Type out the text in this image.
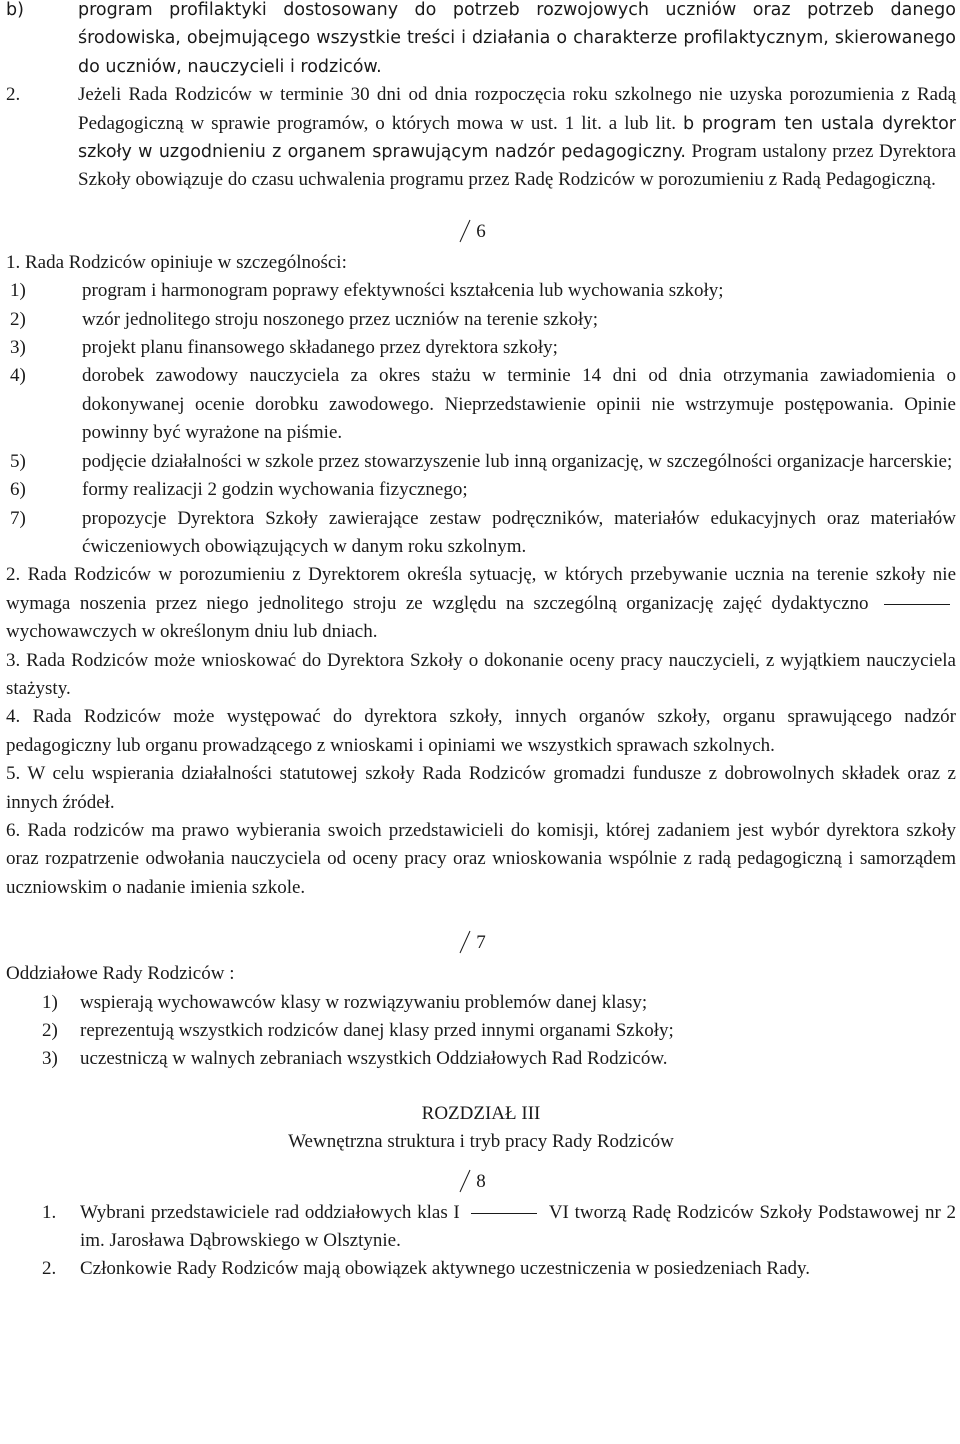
b)	program profilaktyki dostosowany do potrzeb rozwojowych uczniów oraz potrzeb danego środowiska, obejmującego wszystkie treści i działania o charakterze profilaktycznym, skierowanego do uczniów, nauczycieli i rodziców.
2.	Jeżeli Rada Rodziców w terminie 30 dni od dnia rozpoczęcia roku szkolnego nie uzyska porozumienia z Radą Pedagogiczną w sprawie programów, o których mowa w ust. 1 lit. a lub lit. b program ten ustala dyrektor szkoły w uzgodnieniu z organem sprawującym nadzór pedagogiczny. Program ustalony przez Dyrektora Szkoły obowiązuje do czasu uchwalenia programu przez Radę Rodziców w porozumieniu z Radą Pedagogiczną.
6
1. Rada Rodziców opiniuje w szczególności:
1)	program i harmonogram poprawy efektywności kształcenia lub wychowania szkoły;
2)	wzór jednolitego stroju noszonego przez uczniów na terenie szkoły;
3)	projekt planu finansowego składanego przez dyrektora szkoły;
4)	dorobek zawodowy nauczyciela za okres stażu w terminie 14 dni od dnia otrzymania zawiadomienia o dokonywanej ocenie dorobku zawodowego. Nieprzedstawienie opinii nie wstrzymuje postępowania. Opinie powinny być wyrażone na piśmie.
5)	podjęcie działalności w szkole przez stowarzyszenie lub inną organizację, w szczególności organizacje harcerskie;
6)	formy realizacji 2 godzin wychowania fizycznego;
7)	propozycje Dyrektora Szkoły zawierające zestaw podręczników, materiałów edukacyjnych oraz materiałów ćwiczeniowych obowiązujących w danym roku szkolnym.
2. Rada Rodziców w porozumieniu z Dyrektorem określa sytuację, w których przebywanie ucznia na terenie szkoły nie wymaga noszenia przez niego jednolitego stroju ze względu na szczególną organizację zajęć dydaktyczno  wychowawczych w określonym dniu lub dniach.
3. Rada Rodziców może wnioskować do Dyrektora Szkoły o dokonanie oceny pracy nauczycieli, z wyjątkiem nauczyciela stażysty.
4. Rada Rodziców może występować do dyrektora szkoły, innych organów szkoły, organu sprawującego nadzór pedagogiczny lub organu prowadzącego z wnioskami i opiniami we wszystkich sprawach szkolnych.
5. W celu wspierania działalności statutowej szkoły Rada Rodziców gromadzi fundusze z dobrowolnych składek oraz z innych źródeł.
6. Rada rodziców ma prawo wybierania swoich przedstawicieli do komisji, której zadaniem jest wybór dyrektora szkoły oraz rozpatrzenie odwołania nauczyciela od oceny pracy oraz wnioskowania wspólnie z radą pedagogiczną i samorządem uczniowskim o nadanie imienia szkole.
7
Oddziałowe Rady Rodziców :
1)	wspierają wychowawców klasy w rozwiązywaniu problemów danej klasy;
2)	reprezentują wszystkich rodziców danej klasy przed innymi organami Szkoły;
3)	uczestniczą w walnych zebraniach wszystkich Oddziałowych Rad Rodziców.
ROZDZIAŁ III
Wewnętrzna struktura i tryb pracy Rady Rodziców
8
1.	Wybrani przedstawiciele rad oddziałowych klas I	VI tworzą Radę Rodziców Szkoły Podstawowej nr 2 im. Jarosława Dąbrowskiego w Olsztynie.
2.	Członkowie Rady Rodziców mają obowiązek aktywnego uczestniczenia w posiedzeniach Rady.
